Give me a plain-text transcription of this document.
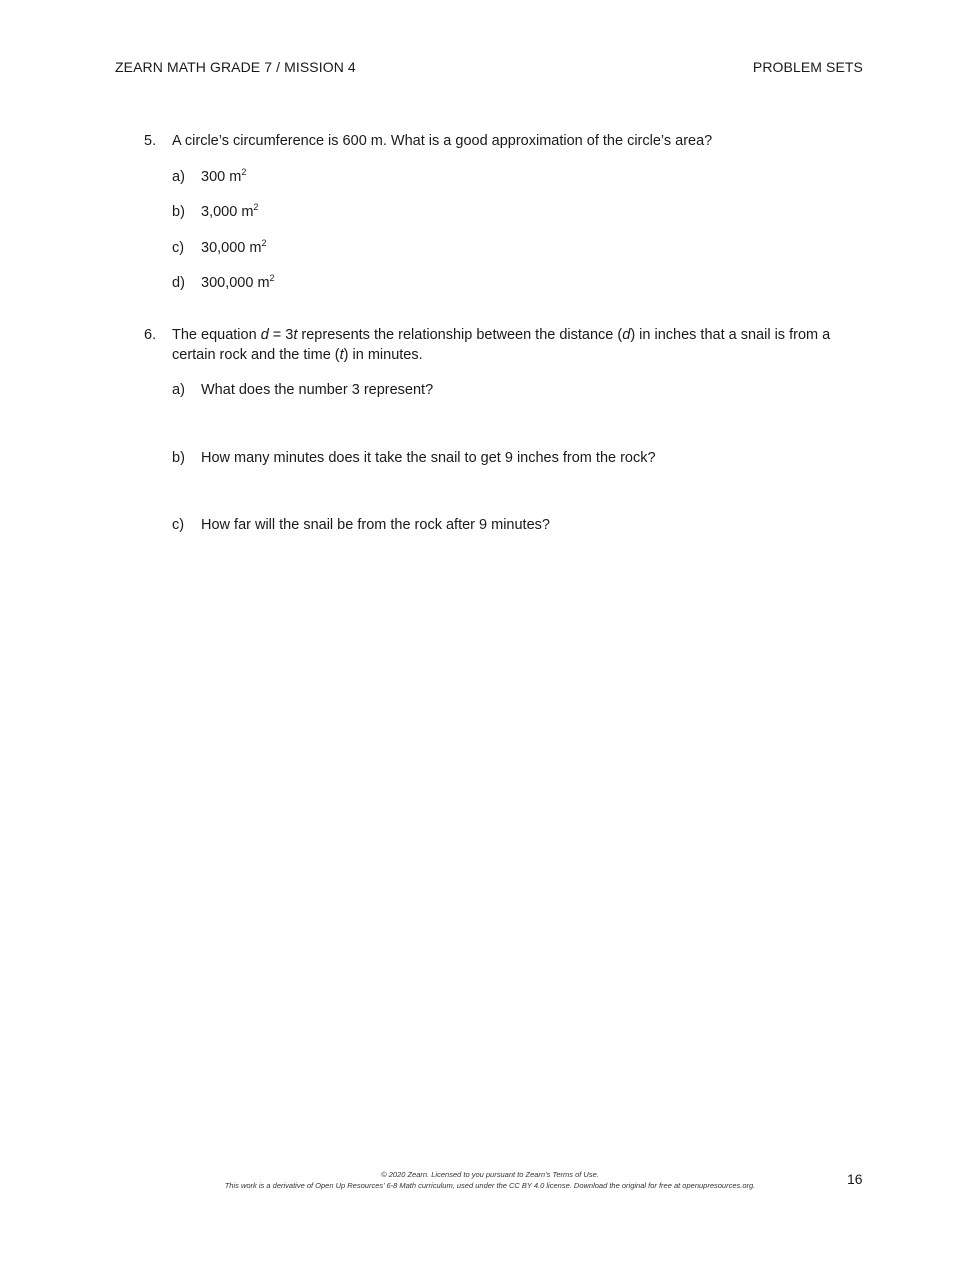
ZEARN MATH GRADE 7 / MISSION 4	PROBLEM SETS
5. A circle’s circumference is 600 m. What is a good approximation of the circle’s area?
a) 300 $m^2$
b) 3,000 $m^2$
c) 30,000 $m^2$
d) 300,000 $m^2$
6. The equation d = 3t represents the relationship between the distance (d) in inches that a snail is from a certain rock and the time (t) in minutes.
a) What does the number 3 represent?
b) How many minutes does it take the snail to get 9 inches from the rock?
c) How far will the snail be from the rock after 9 minutes?
© 2020 Zearn. Licensed to you pursuant to Zearn’s Terms of Use.
This work is a derivative of Open Up Resources’ 6-8 Math curriculum, used under the CC BY 4.0 license. Download the original for free at openupresources.org.	16
